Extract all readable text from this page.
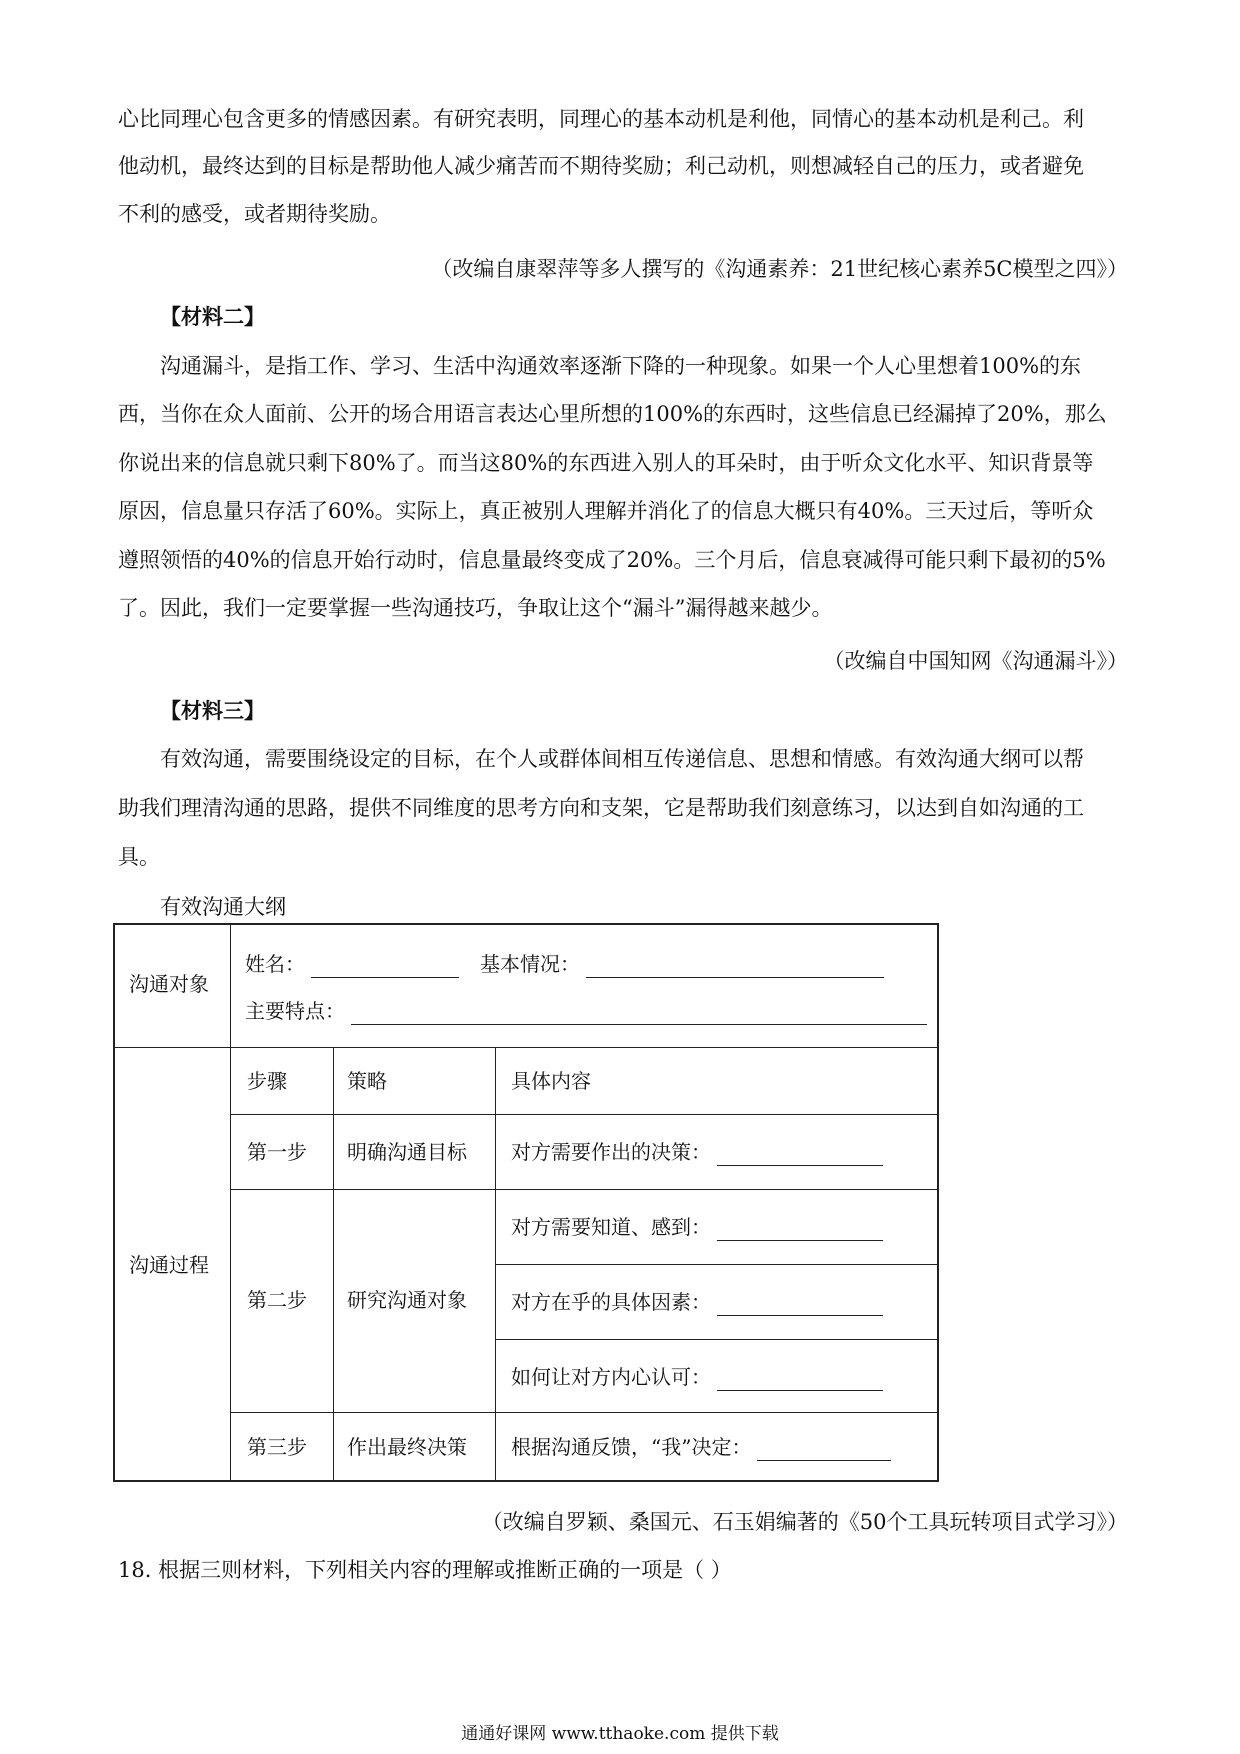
心比同理心包含更多的情感因素。有研究表明，同理心的基本动机是利他，同情心的基本动机是利己。利
他动机，最终达到的目标是帮助他人减少痛苦而不期待奖励；利己动机，则想减轻自己的压力，或者避免
不利的感受，或者期待奖励。
（改编自康翠萍等多人撰写的《沟通素养：21世纪核心素养5C模型之四》）
【材料二】
沟通漏斗，是指工作、学习、生活中沟通效率逐渐下降的一种现象。如果一个人心里想着100%的东
西，当你在众人面前、公开的场合用语言表达心里所想的100%的东西时，这些信息已经漏掉了20%，那么
你说出来的信息就只剩下80%了。而当这80%的东西进入别人的耳朵时，由于听众文化水平、知识背景等
原因，信息量只存活了60%。实际上，真正被别人理解并消化了的信息大概只有40%。三天过后，等听众
遵照领悟的40%的信息开始行动时，信息量最终变成了20%。三个月后，信息衰减得可能只剩下最初的5%
了。因此，我们一定要掌握一些沟通技巧，争取让这个“漏斗”漏得越来越少。
（改编自中国知网《沟通漏斗》）
【材料三】
有效沟通，需要围绕设定的目标，在个人或群体间相互传递信息、思想和情感。有效沟通大纲可以帮
助我们理清沟通的思路，提供不同维度的思考方向和支架，它是帮助我们刻意练习，以达到自如沟通的工
具。
有效沟通大纲
沟通对象
姓名：	基本情况：
主要特点：
沟通过程
步骤	策略	具体内容
第一步 明确沟通目标 对方需要作出的决策：
第二步 研究沟通对象
对方需要知道、感到：
对方在乎的具体因素：
如何让对方内心认可：
第三步 作出最终决策 根据沟通反馈，“我”决定：
（改编自罗颖、桑国元、石玉娟编著的《50个工具玩转项目式学习》）
18. 根据三则材料，下列相关内容的理解或推断正确的一项是（ ）
通通好课网 www.tthaoke.com 提供下载
